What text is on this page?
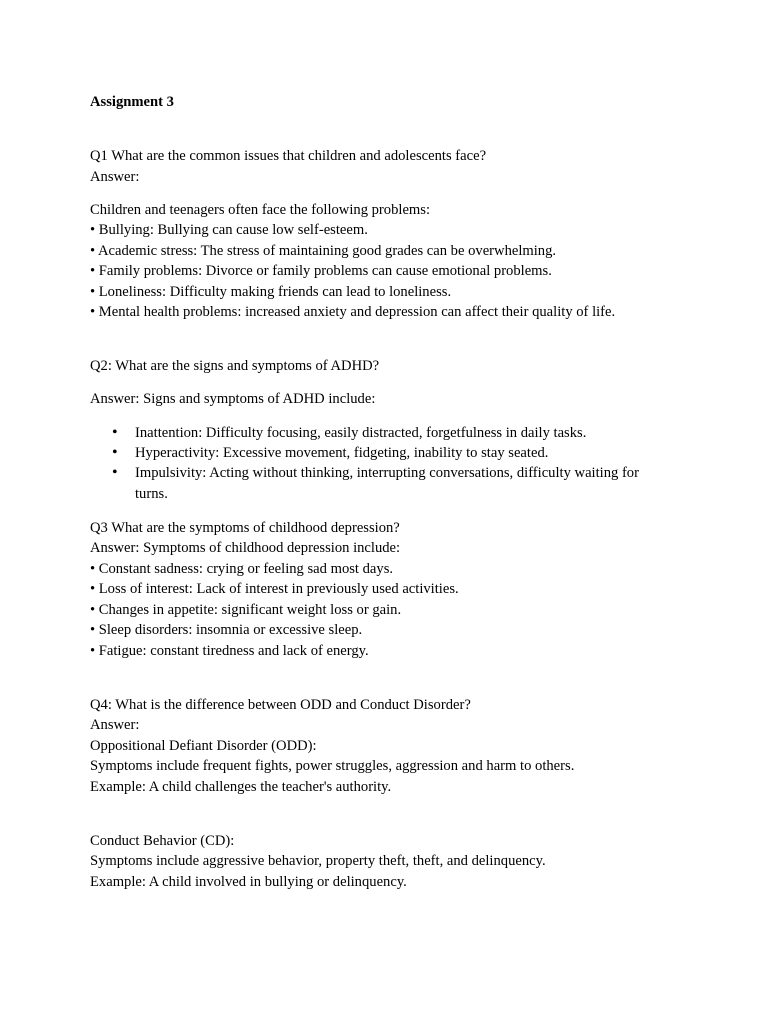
Assignment 3
Q1 What are the common issues that children and adolescents face?
Answer:
Children and teenagers often face the following problems:
• Bullying: Bullying can cause low self-esteem.
• Academic stress: The stress of maintaining good grades can be overwhelming.
• Family problems: Divorce or family problems can cause emotional problems.
• Loneliness: Difficulty making friends can lead to loneliness.
• Mental health problems: increased anxiety and depression can affect their quality of life.
Q2: What are the signs and symptoms of ADHD?
Answer: Signs and symptoms of ADHD include:
• Inattention: Difficulty focusing, easily distracted, forgetfulness in daily tasks.
• Hyperactivity: Excessive movement, fidgeting, inability to stay seated.
• Impulsivity: Acting without thinking, interrupting conversations, difficulty waiting for
turns.
Q3 What are the symptoms of childhood depression?
Answer: Symptoms of childhood depression include:
• Constant sadness: crying or feeling sad most days.
• Loss of interest: Lack of interest in previously used activities.
• Changes in appetite: significant weight loss or gain.
• Sleep disorders: insomnia or excessive sleep.
• Fatigue: constant tiredness and lack of energy.
Q4: What is the difference between ODD and Conduct Disorder?
Answer:
Oppositional Defiant Disorder (ODD):
Symptoms include frequent fights, power struggles, aggression and harm to others.
Example: A child challenges the teacher's authority.
Conduct Behavior (CD):
Symptoms include aggressive behavior, property theft, theft, and delinquency.
Example: A child involved in bullying or delinquency.
